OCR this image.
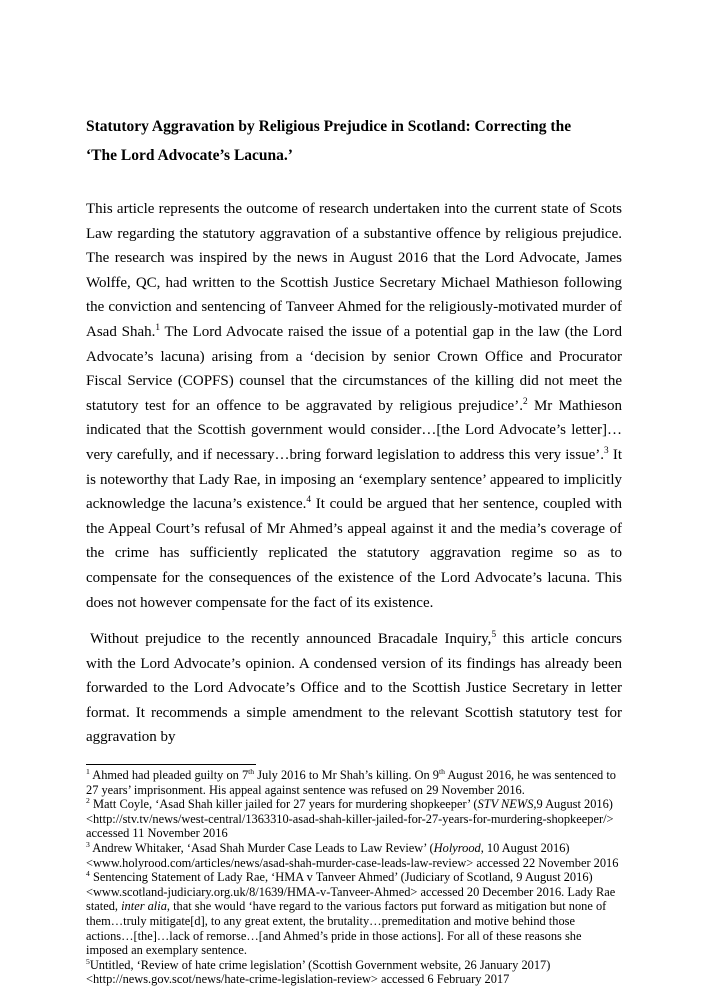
Statutory Aggravation by Religious Prejudice in Scotland: Correcting the
‘The Lord Advocate’s Lacuna.’

This article represents the outcome of research undertaken into the current state of Scots Law regarding the statutory aggravation of a substantive offence by religious prejudice. The research was inspired by the news in August 2016 that the Lord Advocate, James Wolffe, QC, had written to the Scottish Justice Secretary Michael Mathieson following the conviction and sentencing of Tanveer Ahmed for the religiously-motivated murder of Asad Shah.$^1$ The Lord Advocate raised the issue of a potential gap in the law (the Lord Advocate’s lacuna) arising from a ‘decision by senior Crown Office and Procurator Fiscal Service (COPFS) counsel that the circumstances of the killing did not meet the statutory test for an offence to be aggravated by religious prejudice’.$^2$ Mr Mathieson indicated that the Scottish government would consider…[the Lord Advocate’s letter]…very carefully, and if necessary…bring forward legislation to address this very issue’.$^3$ It is noteworthy that Lady Rae, in imposing an ‘exemplary sentence’ appeared to implicitly acknowledge the lacuna’s existence.$^4$ It could be argued that her sentence, coupled with the Appeal Court’s refusal of Mr Ahmed’s appeal against it and the media’s coverage of the crime has sufficiently replicated the statutory aggravation regime so as to compensate for the consequences of the existence of the Lord Advocate’s lacuna. This does not however compensate for the fact of its existence.

Without prejudice to the recently announced Bracadale Inquiry,$^5$ this article concurs with the Lord Advocate’s opinion. A condensed version of its findings has already been forwarded to the Lord Advocate’s Office and to the Scottish Justice Secretary in letter format. It recommends a simple amendment to the relevant Scottish statutory test for aggravation by

$^1$ Ahmed had pleaded guilty on 7th July 2016 to Mr Shah’s killing. On 9th August 2016, he was sentenced to 27 years’ imprisonment. His appeal against sentence was refused on 29 November 2016.

$^2$ Matt Coyle, ‘Asad Shah killer jailed for 27 years for murdering shopkeeper’ (STV NEWS,9 August 2016) <http://stv.tv/news/west-central/1363310-asad-shah-killer-jailed-for-27-years-for-murdering-shopkeeper/> accessed 11 November 2016

$^3$ Andrew Whitaker, ‘Asad Shah Murder Case Leads to Law Review’ (Holyrood, 10 August 2016) <www.holyrood.com/articles/news/asad-shah-murder-case-leads-law-review> accessed 22 November 2016

$^4$ Sentencing Statement of Lady Rae, ‘HMA v Tanveer Ahmed’ (Judiciary of Scotland, 9 August 2016) <www.scotland-judiciary.org.uk/8/1639/HMA-v-Tanveer-Ahmed> accessed 20 December 2016. Lady Rae stated, inter alia, that she would ‘have regard to the various factors put forward as mitigation but none of them…truly mitigate[d], to any great extent, the brutality…premeditation and motive behind those actions…[the]…lack of remorse…[and Ahmed’s pride in those actions]. For all of these reasons she imposed an exemplary sentence.

$^5$Untitled, ‘Review of hate crime legislation’ (Scottish Government website, 26 January 2017) <http://news.gov.scot/news/hate-crime-legislation-review> accessed 6 February 2017
